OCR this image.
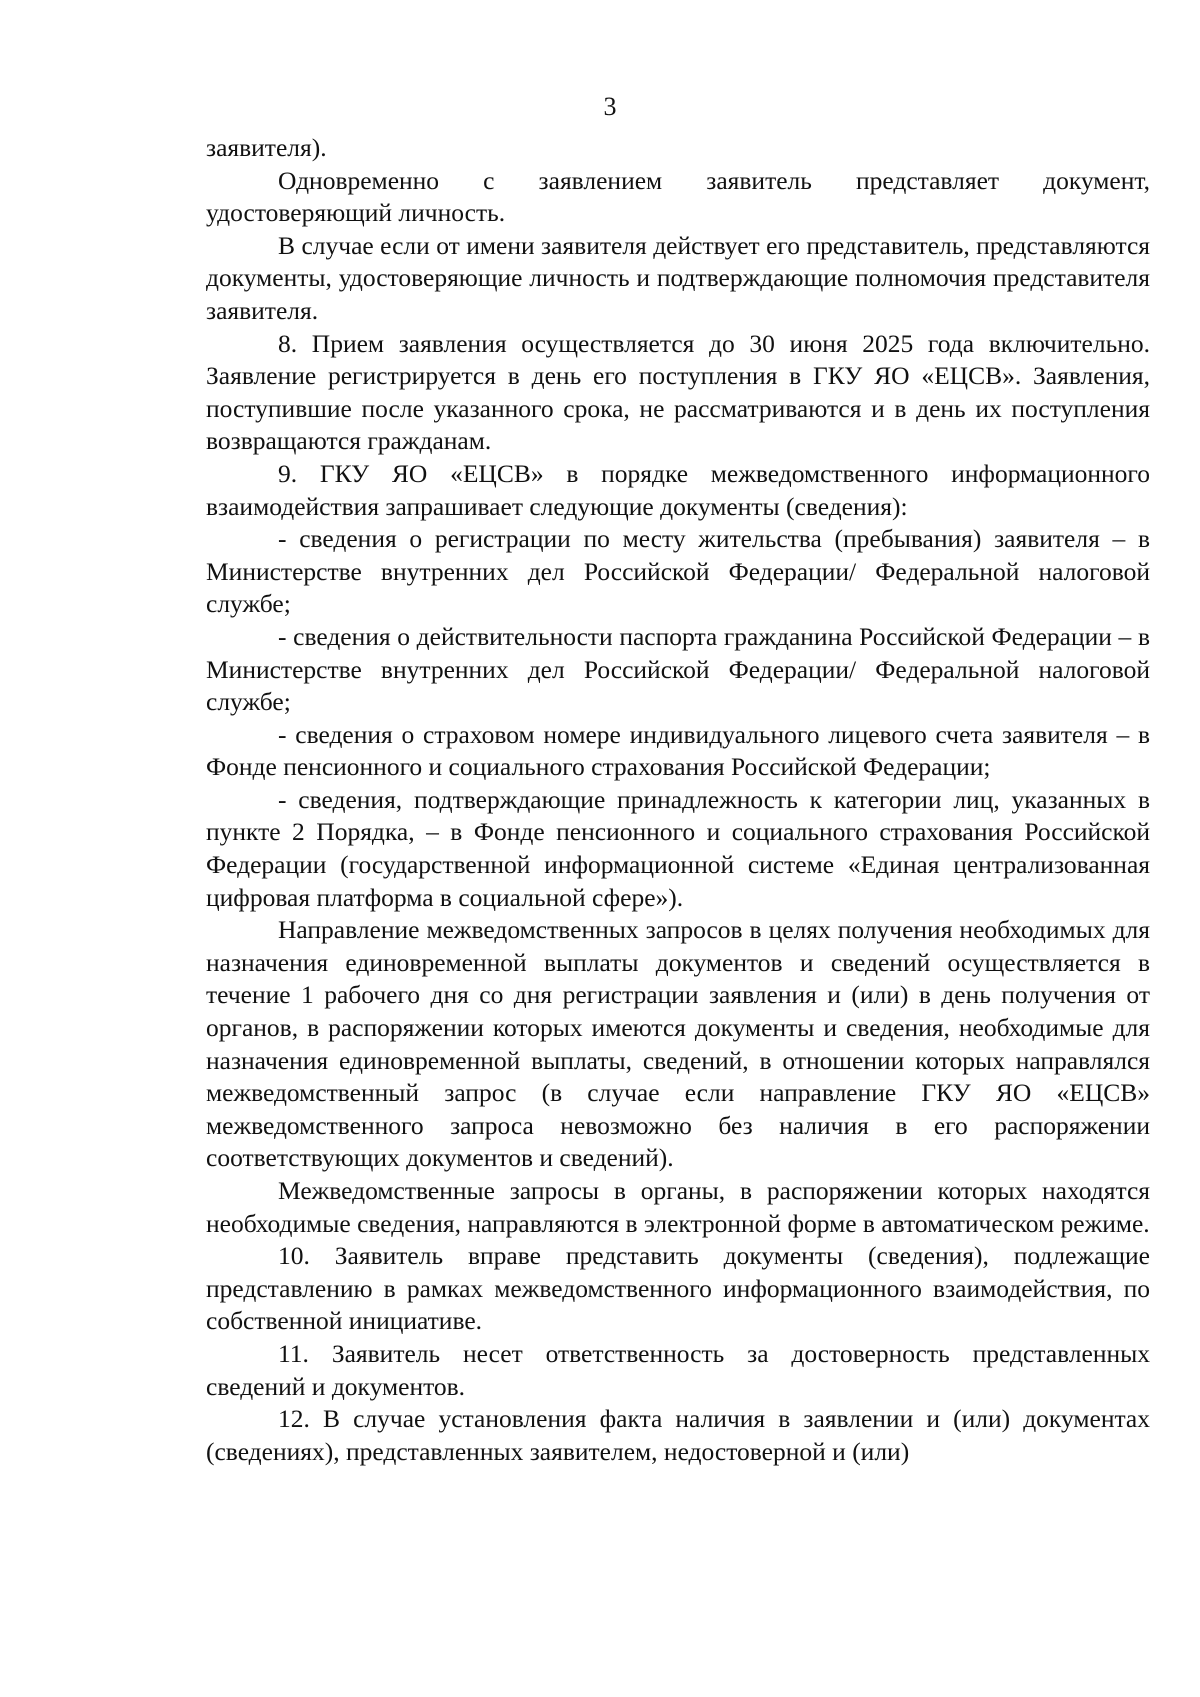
3

заявителя).

Одновременно с заявлением заявитель представляет документ, удостоверяющий личность.

В случае если от имени заявителя действует его представитель, представляются документы, удостоверяющие личность и подтверждающие полномочия представителя заявителя.

8. Прием заявления осуществляется до 30 июня 2025 года включительно. Заявление регистрируется в день его поступления в ГКУ ЯО «ЕЦСВ». Заявления, поступившие после указанного срока, не рассматриваются и в день их поступления возвращаются гражданам.

9. ГКУ ЯО «ЕЦСВ» в порядке межведомственного информационного взаимодействия запрашивает следующие документы (сведения):

- сведения о регистрации по месту жительства (пребывания) заявителя – в Министерстве внутренних дел Российской Федерации/ Федеральной налоговой службе;

- сведения о действительности паспорта гражданина Российской Федерации – в Министерстве внутренних дел Российской Федерации/ Федеральной налоговой службе;

- сведения о страховом номере индивидуального лицевого счета заявителя – в Фонде пенсионного и социального страхования Российской Федерации;

- сведения, подтверждающие принадлежность к категории лиц, указанных в пункте 2 Порядка, – в Фонде пенсионного и социального страхования Российской Федерации (государственной информационной системе «Единая централизованная цифровая платформа в социальной сфере»).

Направление межведомственных запросов в целях получения необходимых для назначения единовременной выплаты документов и сведений осуществляется в течение 1 рабочего дня со дня регистрации заявления и (или) в день получения от органов, в распоряжении которых имеются документы и сведения, необходимые для назначения единовременной выплаты, сведений, в отношении которых направлялся межведомственный запрос (в случае если направление ГКУ ЯО «ЕЦСВ» межведомственного запроса невозможно без наличия в его распоряжении соответствующих документов и сведений).

Межведомственные запросы в органы, в распоряжении которых находятся необходимые сведения, направляются в электронной форме в автоматическом режиме.

10. Заявитель вправе представить документы (сведения), подлежащие представлению в рамках межведомственного информационного взаимодействия, по собственной инициативе.

11. Заявитель несет ответственность за достоверность представленных сведений и документов.

12. В случае установления факта наличия в заявлении и (или) документах (сведениях), представленных заявителем, недостоверной и (или)
